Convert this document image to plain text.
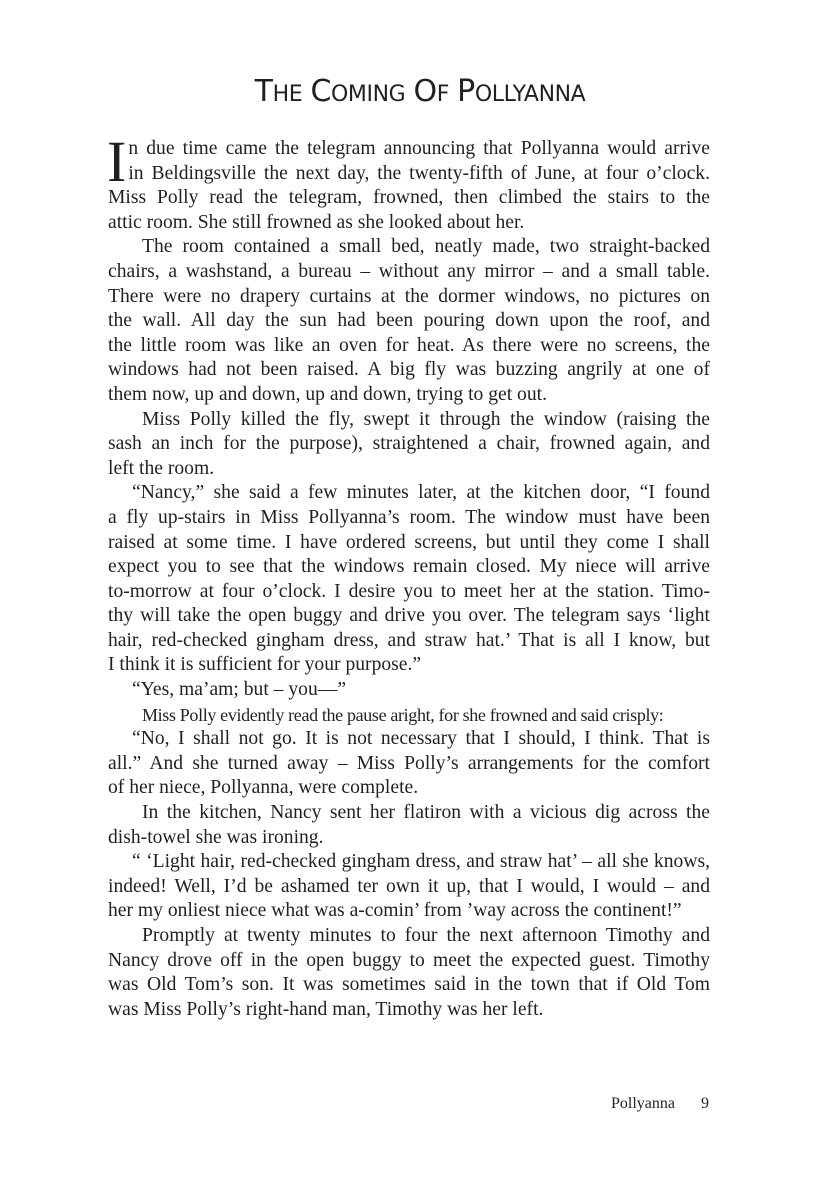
THE COMING OF POLLYANNA
I n due time came the telegram announcing that Pollyanna would arrive
in Beldingsville the next day, the twenty-fifth of June, at four o’clock.
Miss Polly read the telegram, frowned, then climbed the stairs to the
attic room. She still frowned as she looked about her.
The room contained a small bed, neatly made, two straight-backed
chairs, a washstand, a bureau – without any mirror – and a small table.
There were no drapery curtains at the dormer windows, no pictures on
the wall. All day the sun had been pouring down upon the roof, and
the little room was like an oven for heat. As there were no screens, the
windows had not been raised. A big fly was buzzing angrily at one of
them now, up and down, up and down, trying to get out.
Miss Polly killed the fly, swept it through the window (raising the
sash an inch for the purpose), straightened a chair, frowned again, and
left the room.
“Nancy,” she said a few minutes later, at the kitchen door, “I found
a fly up-stairs in Miss Pollyanna’s room. The window must have been
raised at some time. I have ordered screens, but until they come I shall
expect you to see that the windows remain closed. My niece will arrive
to-morrow at four o’clock. I desire you to meet her at the station. Timo-
thy will take the open buggy and drive you over. The telegram says ‘light
hair, red-checked gingham dress, and straw hat.’ That is all I know, but
I think it is sufficient for your purpose.”
“Yes, ma’am; but – you—”
Miss Polly evidently read the pause aright, for she frowned and said crisply:
“No, I shall not go. It is not necessary that I should, I think. That is
all.” And she turned away – Miss Polly’s arrangements for the comfort
of her niece, Pollyanna, were complete.
In the kitchen, Nancy sent her flatiron with a vicious dig across the
dish-towel she was ironing.
“ ‘Light hair, red-checked gingham dress, and straw hat’ – all she knows,
indeed! Well, I’d be ashamed ter own it up, that I would, I would – and
her my onliest niece what was a-comin’ from ’way across the continent!”
Promptly at twenty minutes to four the next afternoon Timothy and
Nancy drove off in the open buggy to meet the expected guest. Timothy
was Old Tom’s son. It was sometimes said in the town that if Old Tom
was Miss Polly’s right-hand man, Timothy was her left.
Pollyanna 9
